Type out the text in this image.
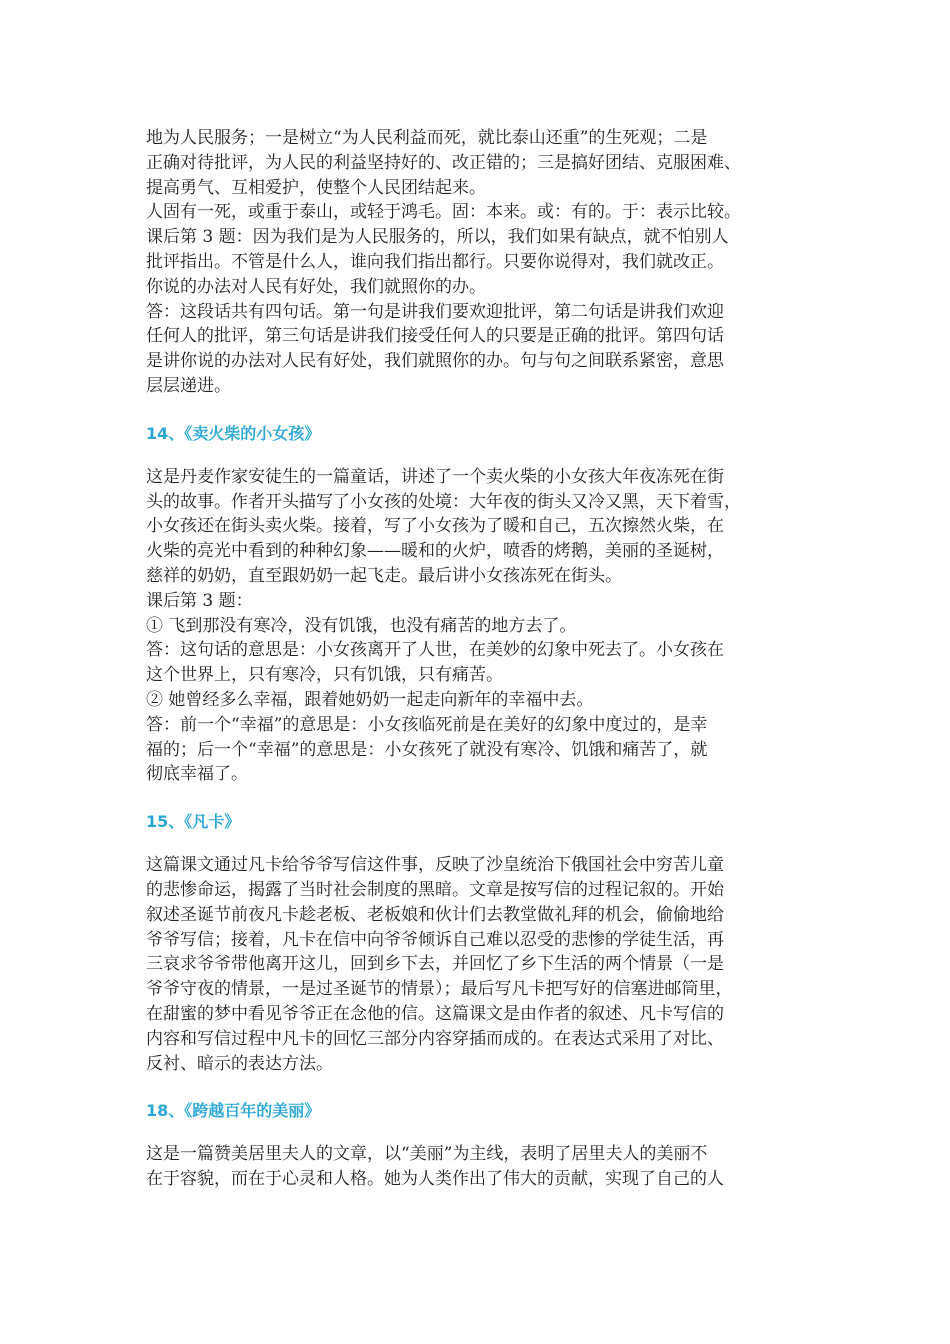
地为人民服务；一是树立“为人民利益而死，就比泰山还重”的生死观；二是
正确对待批评，为人民的利益坚持好的、改正错的；三是搞好团结、克服困难、
提高勇气、互相爱护，使整个人民团结起来。
人固有一死，或重于泰山，或轻于鸿毛。固：本来。或：有的。于：表示比较。
课后第 3 题：因为我们是为人民服务的，所以，我们如果有缺点，就不怕别人
批评指出。不管是什么人，谁向我们指出都行。只要你说得对，我们就改正。
你说的办法对人民有好处，我们就照你的办。
答：这段话共有四句话。第一句是讲我们要欢迎批评，第二句话是讲我们欢迎
任何人的批评，第三句话是讲我们接受任何人的只要是正确的批评。第四句话
是讲你说的办法对人民有好处，我们就照你的办。句与句之间联系紧密，意思
层层递进。
14、《卖火柴的小女孩》
这是丹麦作家安徒生的一篇童话，讲述了一个卖火柴的小女孩大年夜冻死在街
头的故事。作者开头描写了小女孩的处境：大年夜的街头又冷又黑，天下着雪，
小女孩还在街头卖火柴。接着，写了小女孩为了暖和自己，五次擦然火柴，在
火柴的亮光中看到的种种幻象——暖和的火炉，喷香的烤鹅，美丽的圣诞树，
慈祥的奶奶，直至跟奶奶一起飞走。最后讲小女孩冻死在街头。
课后第 3 题：
① 飞到那没有寒冷，没有饥饿，也没有痛苦的地方去了。
答：这句话的意思是：小女孩离开了人世，在美妙的幻象中死去了。小女孩在
这个世界上，只有寒冷，只有饥饿，只有痛苦。
② 她曾经多么幸福，跟着她奶奶一起走向新年的幸福中去。
答：前一个“幸福”的意思是：小女孩临死前是在美好的幻象中度过的，是幸
福的；后一个“幸福”的意思是：小女孩死了就没有寒冷、饥饿和痛苦了，就
彻底幸福了。
15、《凡卡》
这篇课文通过凡卡给爷爷写信这件事，反映了沙皇统治下俄国社会中穷苦儿童
的悲惨命运，揭露了当时社会制度的黑暗。文章是按写信的过程记叙的。开始
叙述圣诞节前夜凡卡趁老板、老板娘和伙计们去教堂做礼拜的机会，偷偷地给
爷爷写信；接着，凡卡在信中向爷爷倾诉自己难以忍受的悲惨的学徒生活，再
三哀求爷爷带他离开这儿，回到乡下去，并回忆了乡下生活的两个情景（一是
爷爷守夜的情景，一是过圣诞节的情景）；最后写凡卡把写好的信塞进邮筒里，
在甜蜜的梦中看见爷爷正在念他的信。这篇课文是由作者的叙述、凡卡写信的
内容和写信过程中凡卡的回忆三部分内容穿插而成的。在表达式采用了对比、
反衬、暗示的表达方法。
18、《跨越百年的美丽》
这是一篇赞美居里夫人的文章，以“美丽”为主线，表明了居里夫人的美丽不
在于容貌，而在于心灵和人格。她为人类作出了伟大的贡献，实现了自己的人
